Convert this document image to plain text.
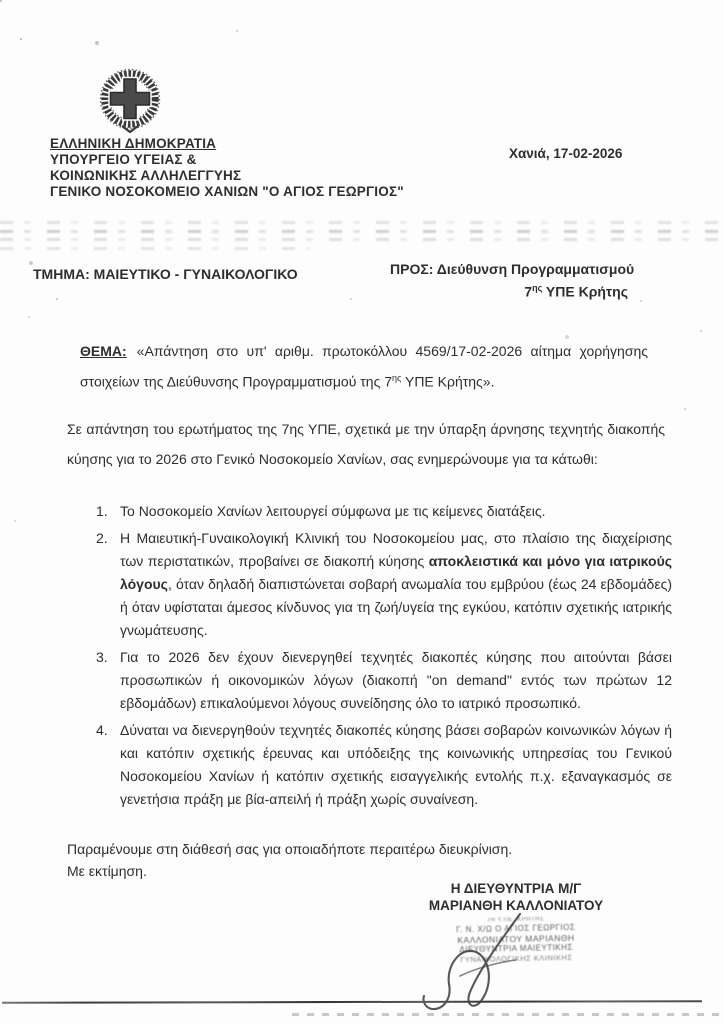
ΕΛΛΗΝΙΚΗ ΔΗΜΟΚΡΑΤΙΑ
ΥΠΟΥΡΓΕΙΟ ΥΓΕΙΑΣ &
ΚΟΙΝΩΝΙΚΗΣ ΑΛΛΗΛΕΓΓΥΗΣ
ΓΕΝΙΚΟ ΝΟΣΟΚΟΜΕΙΟ ΧΑΝΙΩΝ "Ο ΑΓΙΟΣ ΓΕΩΡΓΙΟΣ"
Χανιά, 17-02-2026
ΤΜΗΜΑ: ΜΑΙΕΥΤΙΚΟ - ΓΥΝΑΙΚΟΛΟΓΙΚΟ	ΠΡΟΣ: Διεύθυνση Προγραμματισμού
$7^{\eta\varsigma}$ ΥΠΕ Κρήτης
ΘΕΜΑ: «Απάντηση στο υπ' αριθμ. πρωτοκόλλου 4569/17-02-2026 αίτημα χορήγησης στοιχείων της Διεύθυνσης Προγραμματισμού της $7^{\eta\varsigma}$ ΥΠΕ Κρήτης».
Σε απάντηση του ερωτήματος της 7ης ΥΠΕ, σχετικά με την ύπαρξη άρνησης τεχνητής διακοπής κύησης για το 2026 στο Γενικό Νοσοκομείο Χανίων, σας ενημερώνουμε για τα κάτωθι:
1. Το Νοσοκομείο Χανίων λειτουργεί σύμφωνα με τις κείμενες διατάξεις.
2. Η Μαιευτική-Γυναικολογική Κλινική του Νοσοκομείου μας, στο πλαίσιο της διαχείρισης των περιστατικών, προβαίνει σε διακοπή κύησης αποκλειστικά και μόνο για ιατρικούς λόγους, όταν δηλαδή διαπιστώνεται σοβαρή ανωμαλία του εμβρύου (έως 24 εβδομάδες) ή όταν υφίσταται άμεσος κίνδυνος για τη ζωή/υγεία της εγκύου, κατόπιν σχετικής ιατρικής γνωμάτευσης.
3. Για το 2026 δεν έχουν διενεργηθεί τεχνητές διακοπές κύησης που αιτούνται βάσει προσωπικών ή οικονομικών λόγων (διακοπή "on demand" εντός των πρώτων 12 εβδομάδων) επικαλούμενοι λόγους συνείδησης όλο το ιατρικό προσωπικό.
4. Δύναται να διενεργηθούν τεχνητές διακοπές κύησης βάσει σοβαρών κοινωνικών λόγων ή και κατόπιν σχετικής έρευνας και υπόδειξης της κοινωνικής υπηρεσίας του Γενικού Νοσοκομείου Χανίων ή κατόπιν σχετικής εισαγγελικής εντολής π.χ. εξαναγκασμός σε γενετήσια πράξη με βία-απειλή ή πράξη χωρίς συναίνεση.
Παραμένουμε στη διάθεσή σας για οποιαδήποτε περαιτέρω διευκρίνιση.
Με εκτίμηση.
Η ΔΙΕΥΘΥΝΤΡΙΑ Μ/Γ
ΜΑΡΙΑΝΘΗ ΚΑΛΛΟΝΙΑΤΟΥ
7Η Υ.ΠΕ. ΚΡΗΤΗΣ
Γ. Ν. Χ/Ω Ο ΑΓΙΟΣ ΓΕΩΡΓΙΟΣ
ΚΑΛΛΟΝΙΑΤΟΥ ΜΑΡΙΑΝΘΗ
ΔΙΕΥΘΥΝΤΡΙΑ ΜΑΙΕΥΤΙΚΗΣ
ΓΥΝΑΙΚΟΛΟΓΙΚΗΣ ΚΛΙΝΙΚΗΣ
